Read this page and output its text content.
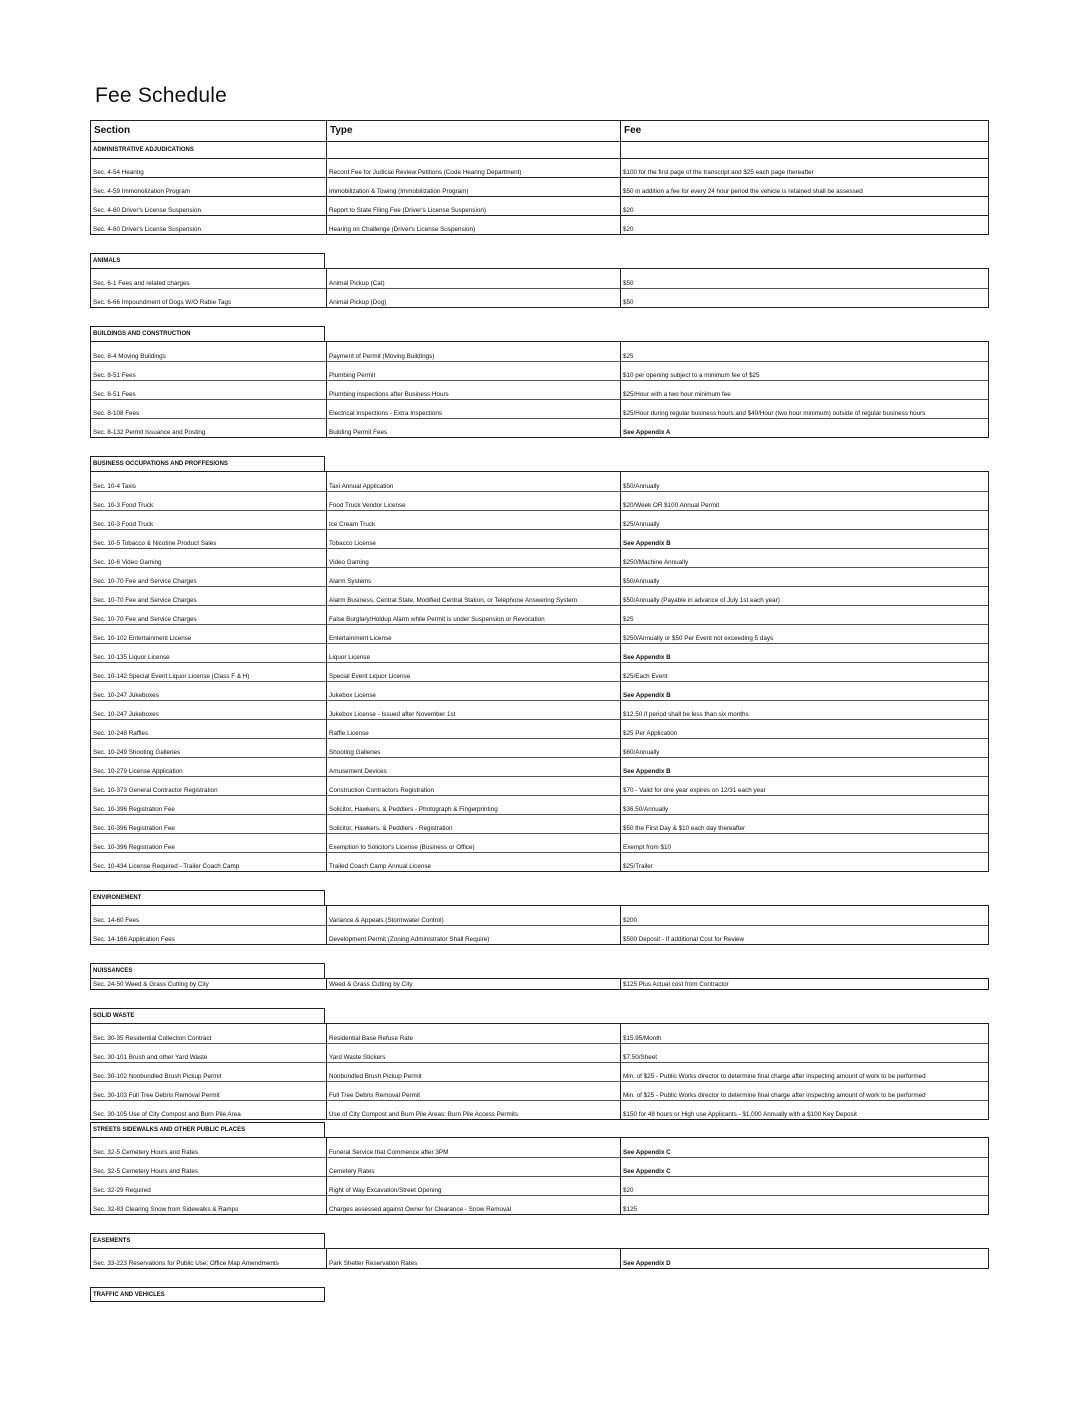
Fee Schedule
Section	Type	Fee
ADMINISTRATIVE ADJUDICATIONS
Sec. 4-54 Hearing	Record Fee for Judicial Review Petitions (Code Hearing Department)	$100 for the first page of the transcript and $25 each page thereafter
Sec. 4-59 Immonolization Program	Immobilization & Towing (Immobilization Program)	$50 in addition a fee for every 24 hour period the vehicle is retained shall be assessed
Sec. 4-60 Driver's License Suspension	Report to State Filing Fee (Driver's License Suspension)	$20
Sec. 4-60 Driver's License Suspension	Hearing on Challenge (Driver's License Suspension)	$20
ANIMALS
Sec. 6-1 Fees and related charges	Animal Pickup (Cat)	$50
Sec. 6-66 Impoundment of Dogs W/O Rabie Tags	Animal Pickup (Dog)	$50
BUILDINGS AND CONSTRUCTION
Sec. 8-4 Moving Buildings	Payment of Permit (Moving Buildings)	$25
Sec. 8-51 Fees	Plumbing Permit	$10 per opening subject to a minimum fee of $25
Sec. 8-51 Fees	Plumbing inspections after Business Hours	$25/Hour with a two hour minimum fee
Sec. 8-108 Fees	Electrical Inspections - Extra Inspections	$25/Hour during regular business hours and $40/Hour (two hour minimum) outside of regular business hours
Sec. 8-132 Permit Issuance and Posting	Building Permit Fees	See Appendix A
BUSINESS OCCUPATIONS AND PROFFESIONS
Sec. 10-4 Taxis	Taxi Annual Application	$50/Annually
Sec. 10-3 Food Truck	Food Truck Vendor License	$20/Week OR $100 Annual Permit
Sec. 10-3 Food Truck	Ice Cream Truck	$25/Annually
Sec. 10-5 Tobacco & Nicotine Product Sales	Tobacco License	See Appendix B
Sec. 10-6 Video Gaming	Video Gaming	$250/Machine Annually
Sec. 10-70 Fee and Service Charges	Alarm Systems	$50/Annually
Sec. 10-70 Fee and Service Charges	Alarm Business, Central State, Modified Central Station, or Telephone Answering System	$50/Annually (Payable in advance of July 1st each year)
Sec. 10-70 Fee and Service Charges	False Burglary/Holdup Alarm while Permit is under Suspension or Revocation	$25
Sec. 10-102 Entertainment License	Entertainment License	$250/Annually or $50 Per Event not exceeding 5 days
Sec. 10-135 Liquor License	Liquor License	See Appendix B
Sec. 10-142 Special Event Liquor License (Class F & H)	Special Event Liquor License	$25/Each Event
Sec. 10-247 Jukeboxes	Jukebox License	See Appendix B
Sec. 10-247 Jukeboxes	Jukebox License - Issued after November 1st	$12.50 if period shall be less than six months
Sec. 10-248 Raffles	Raffle License	$25 Per Application
Sec. 10-249 Shooting Galleries	Shooting Galleries	$60/Annually
Sec. 10-279 License Application	Amusement Devices	See Appendix B
Sec. 10-373 General Contractor Registration	Construction Contractors Registration	$70 - Valid for one year expires on 12/31 each year
Sec. 10-396 Registration Fee	Solicitor, Hawkers, & Peddlers - Photograph & Fingerprinting	$36.50/Annually
Sec. 10-396 Registration Fee	Solicitor, Hawkers, & Peddlers - Registration	$50 the First Day & $10 each day thereafter
Sec. 10-396 Registration Fee	Exemption to Solicitor's License (Business or Office)	Exempt from $10
Sec. 10-434 License Required - Trailer Coach Camp	Trailed Coach Camp Annual License	$25/Trailer
ENVIRONEMENT
Sec. 14-60 Fees	Variance & Appeals (Stormwater Control)	$200
Sec. 14-166 Application Fees	Development Permit (Zoning Administrator Shall Require)	$500 Deposit - If additional Cost for Review
NUISSANCES
Sec. 24-50 Weed & Grass Cutting by City	Weed & Grass Cutting by City	$125 Plus Actual cost from Contractor
SOLID WASTE
Sec. 30-35 Residential Collection Contract	Residential Base Refuse Rate	$15.95/Month
Sec. 30-101 Brush and other Yard Waste	Yard Waste Stickers	$7.50/Sheet
Sec. 30-102 Nonbundled Brush Pickup Permit	Nonbundled Brush Pickup Permit	Min. of $25 - Public Works director to determine final charge after inspecting amount of work to be performed
Sec. 30-103 Full Tree Debris Removal Permit	Full Tree Debris Removal Permit	Min. of $25 - Public Works director to determine final charge after inspecting amount of work to be performed
Sec. 30-105 Use of City Compost and Burn Pile Area	Use of City Compost and Burn Pile Areas: Burn Pile Access Permits	$150 for 48 hours or High use Applicants - $1,000 Annually with a $100 Key Deposit
STREETS SIDEWALKS AND OTHER PUBLIC PLACES
Sec. 32-5 Cemetery Hours and Rates	Funeral Service that Commence after 3PM	See Appendix C
Sec. 32-5 Cemetery Hours and Rates	Cemetery Rates	See Appendix C
Sec. 32-29 Required	Right of Way Excavation/Street Opening	$20
Sec. 32-83 Clearing Snow from Sidewalks & Ramps	Charges assessed against Owner for Clearance - Snow Removal	$125
EASEMENTS
Sec. 33-223 Reservations for Public Use; Office Map Amendments	Park Shelter Reservation Rates	See Appendix D
TRAFFIC AND VEHICLES
